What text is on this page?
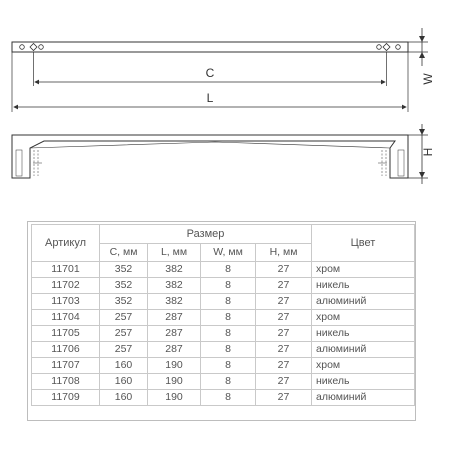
C
L
W
H
Артикул	Размер				Цвет
	C, мм	L, мм	W, мм	H, мм	
11701	352	382	8	27	хром
11702	352	382	8	27	никель
11703	352	382	8	27	алюминий
11704	257	287	8	27	хром
11705	257	287	8	27	никель
11706	257	287	8	27	алюминий
11707	160	190	8	27	хром
11708	160	190	8	27	никель
11709	160	190	8	27	алюминий
